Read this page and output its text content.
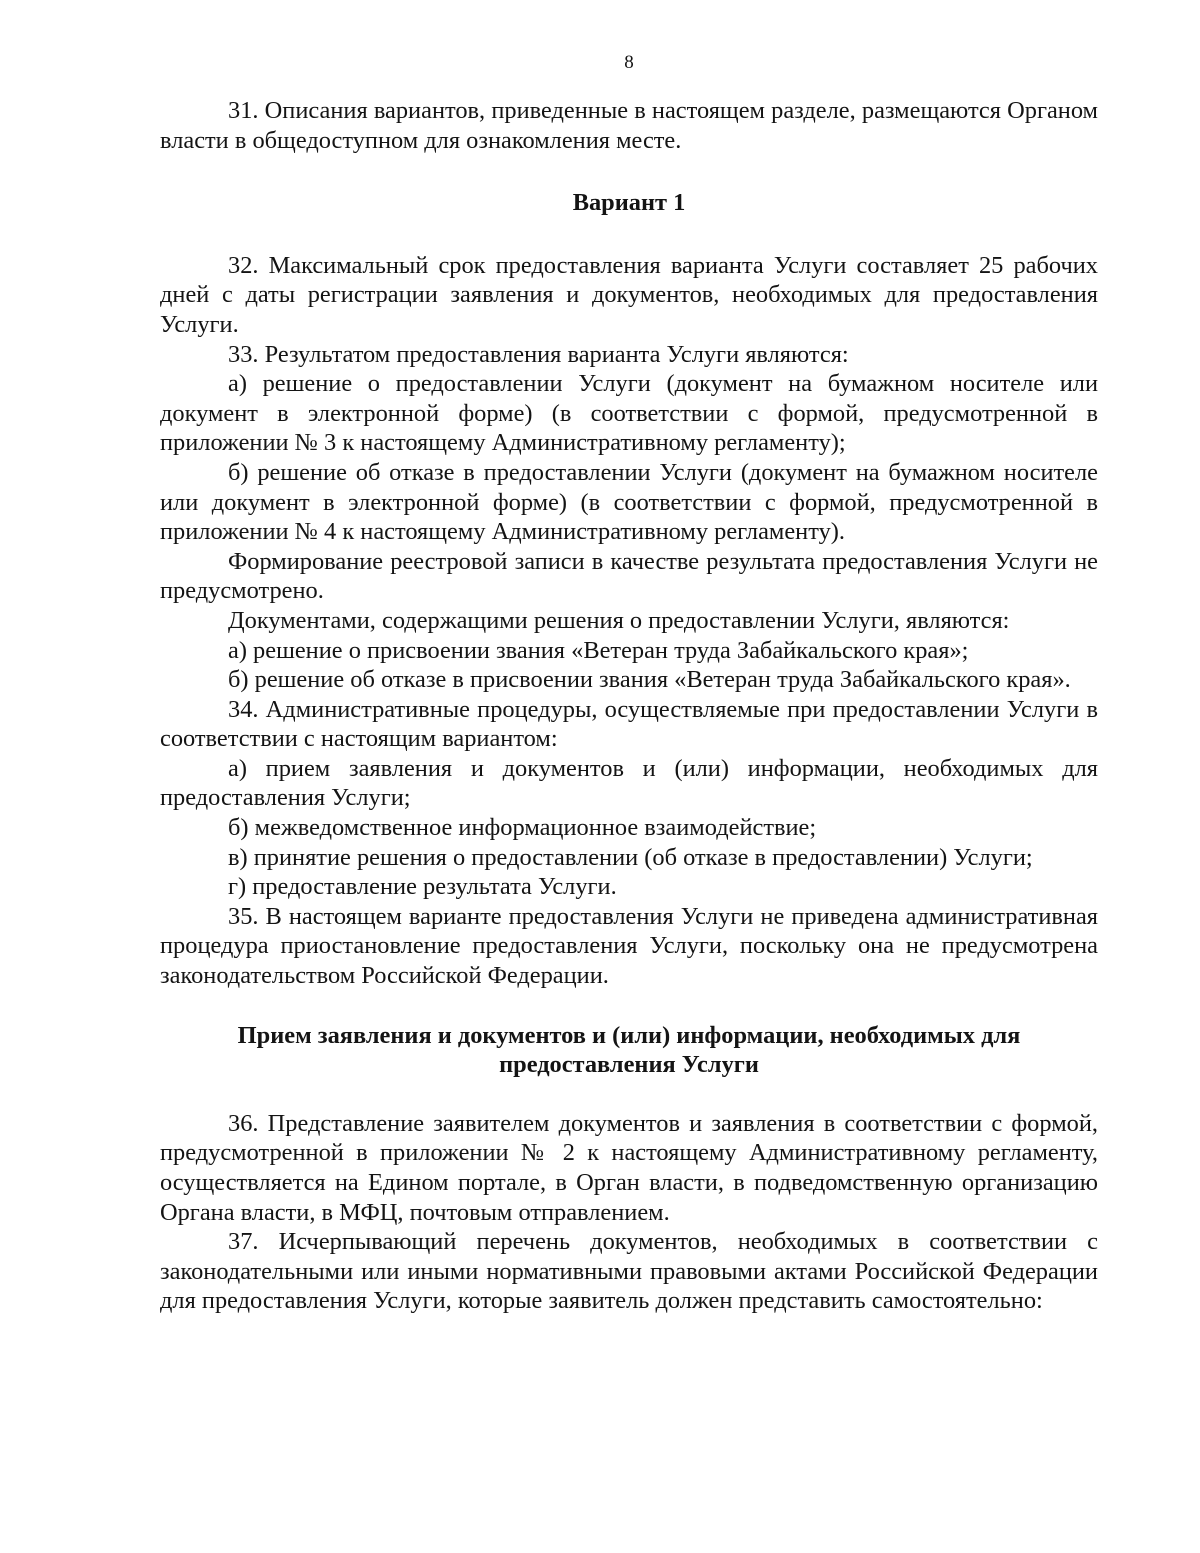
8

31. Описания вариантов, приведенные в настоящем разделе, размещаются Органом власти в общедоступном для ознакомления месте.

Вариант 1

32. Максимальный срок предоставления варианта Услуги составляет 25 рабочих дней с даты регистрации заявления и документов, необходимых для предоставления Услуги.

33. Результатом предоставления варианта Услуги являются:

а) решение о предоставлении Услуги (документ на бумажном носителе или документ в электронной форме) (в соответствии с формой, предусмотренной в приложении № 3 к настоящему Административному регламенту);

б) решение об отказе в предоставлении Услуги (документ на бумажном носителе или документ в электронной форме) (в соответствии с формой, предусмотренной в приложении № 4 к настоящему Административному регламенту).

Формирование реестровой записи в качестве результата предоставления Услуги не предусмотрено.

Документами, содержащими решения о предоставлении Услуги, являются:

а) решение о присвоении звания «Ветеран труда Забайкальского края»;

б) решение об отказе в присвоении звания «Ветеран труда Забайкальского края».

34. Административные процедуры, осуществляемые при предоставлении Услуги в соответствии с настоящим вариантом:

а) прием заявления и документов и (или) информации, необходимых для предоставления Услуги;

б) межведомственное информационное взаимодействие;

в) принятие решения о предоставлении (об отказе в предоставлении) Услуги;

г) предоставление результата Услуги.

35. В настоящем варианте предоставления Услуги не приведена административная процедура приостановление предоставления Услуги, поскольку она не предусмотрена законодательством Российской Федерации.

Прием заявления и документов и (или) информации, необходимых для предоставления Услуги

36. Представление заявителем документов и заявления в соответствии с формой, предусмотренной в приложении № 2 к настоящему Административному регламенту, осуществляется на Едином портале, в Орган власти, в подведомственную организацию Органа власти, в МФЦ, почтовым отправлением.

37. Исчерпывающий перечень документов, необходимых в соответствии с законодательными или иными нормативными правовыми актами Российской Федерации для предоставления Услуги, которые заявитель должен представить самостоятельно:
